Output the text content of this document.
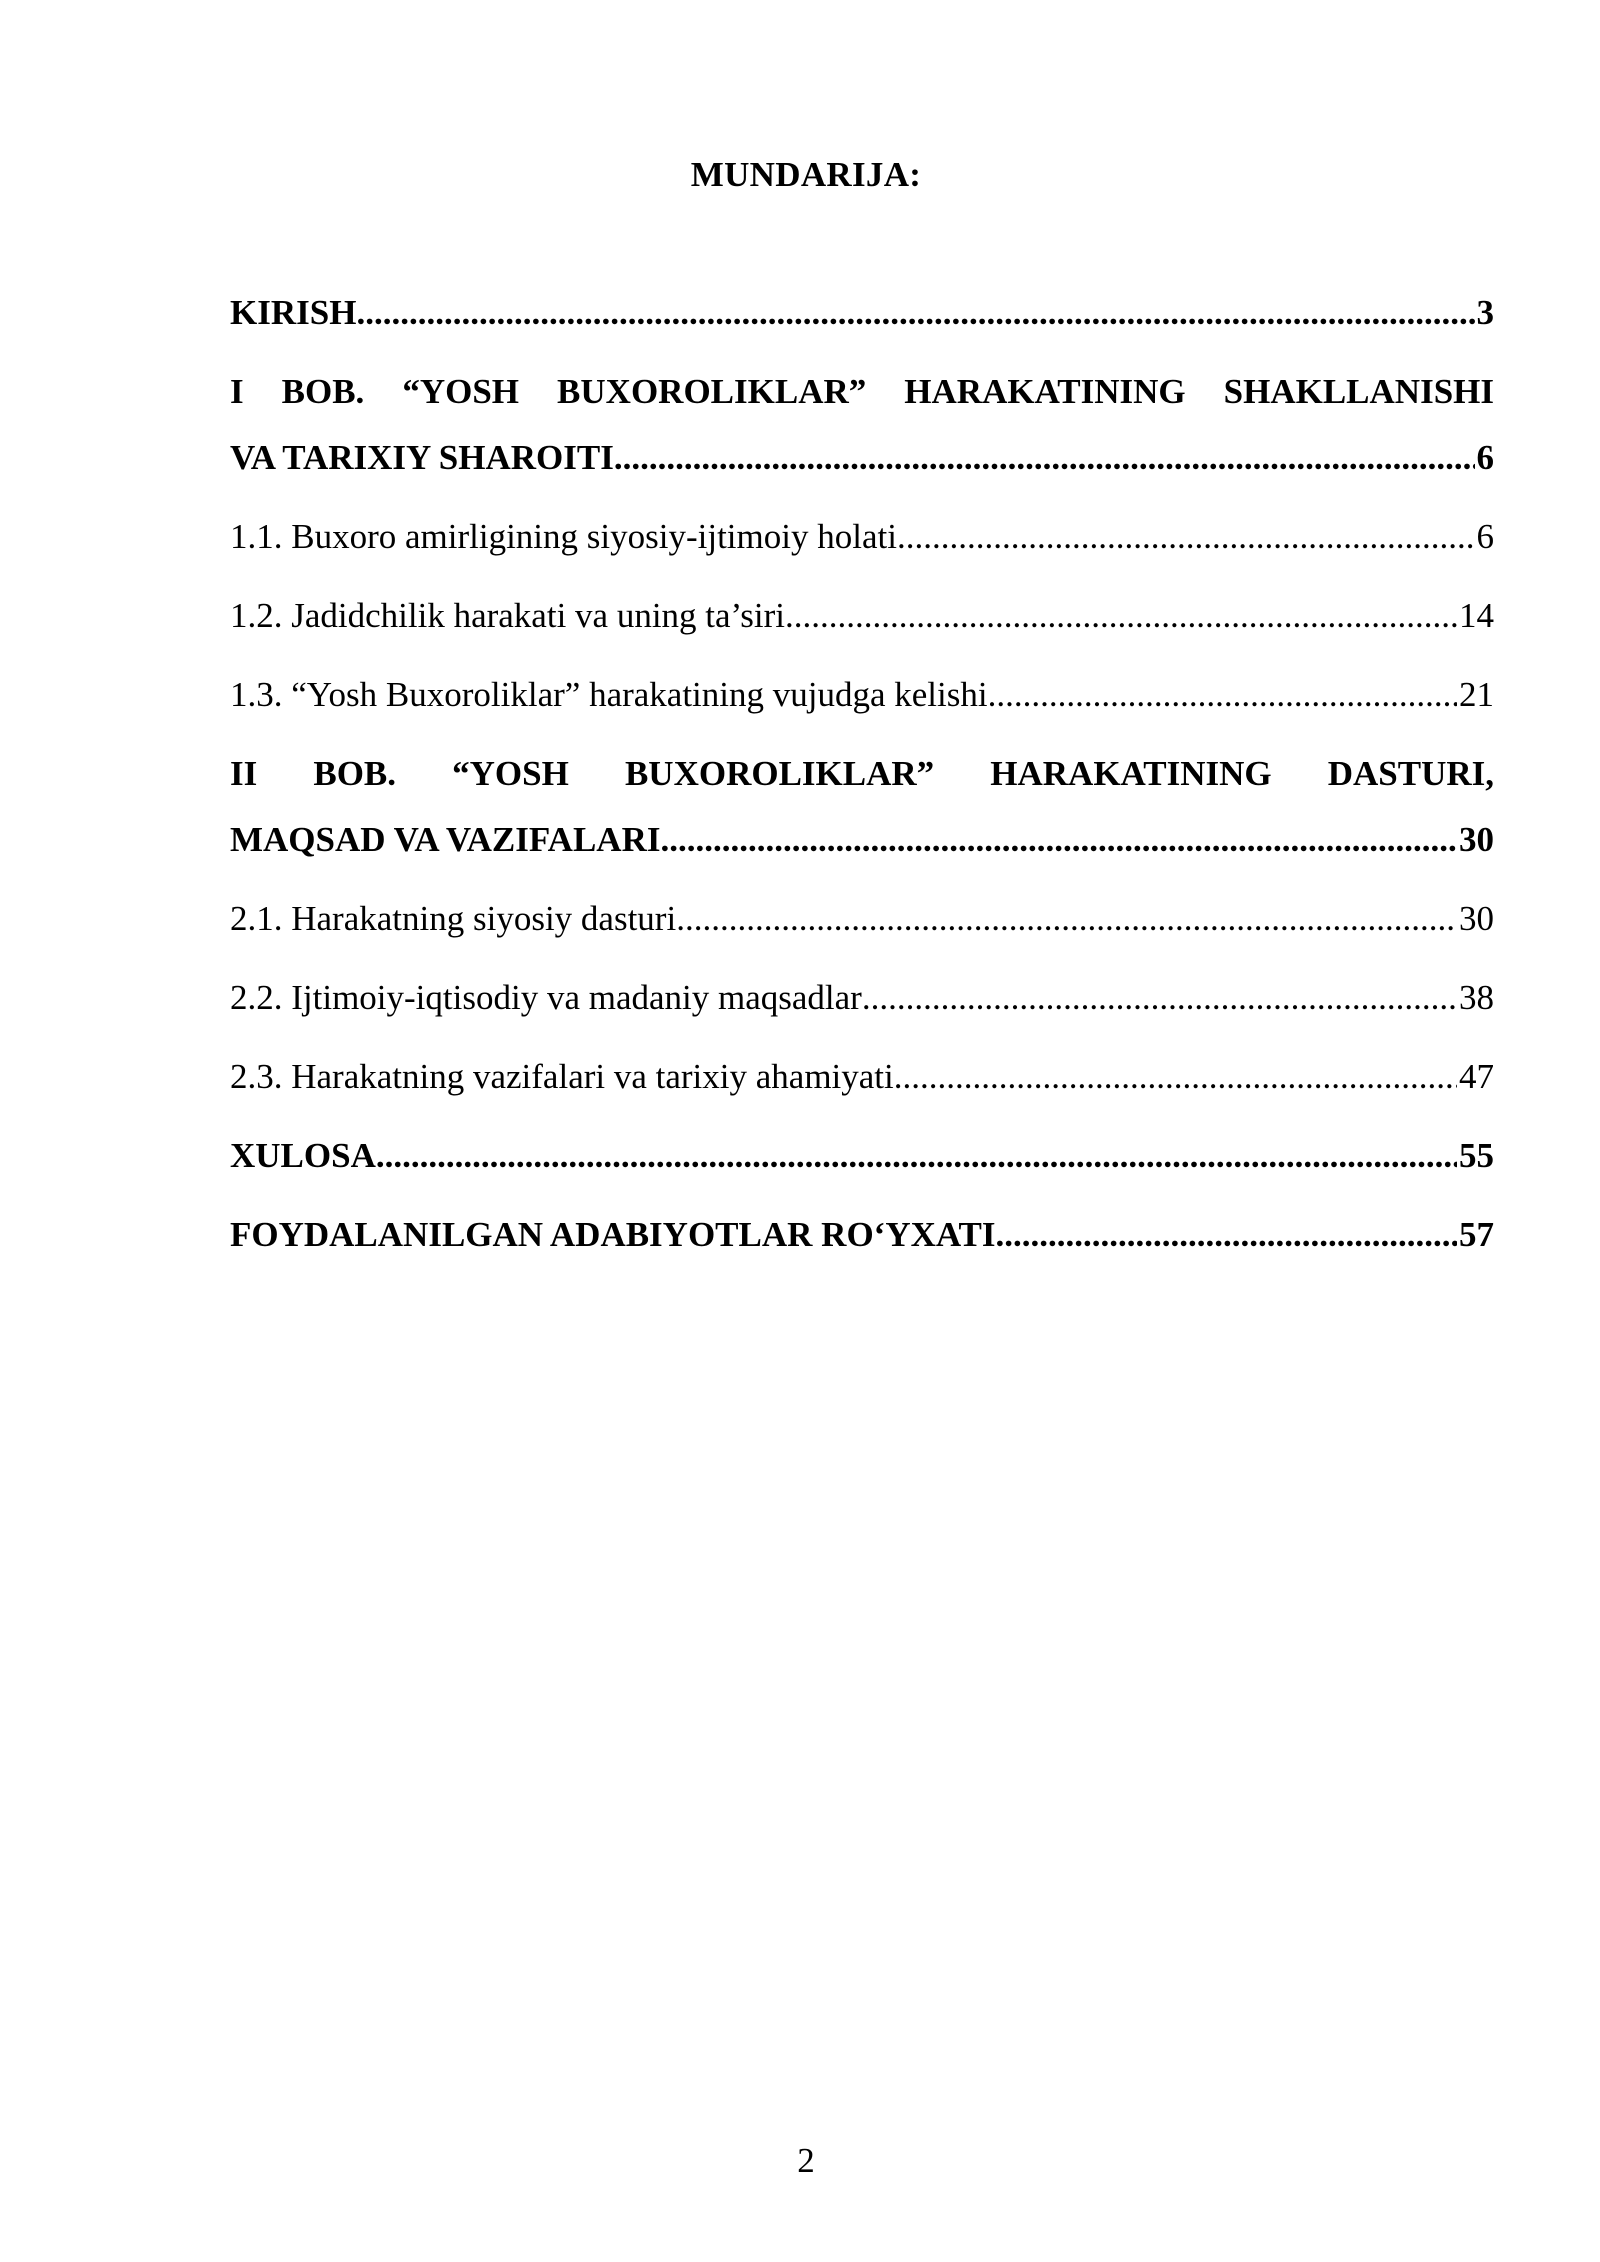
MUNDARIJA:
KIRISH .....	3
I BOB. “YOSH BUXOROLIKLAR” HARAKATINING SHAKLLANISHI
VA TARIXIY SHAROITI .....	6
1.1. Buxoro amirligining siyosiy-ijtimoiy holati .....	6
1.2. Jadidchilik harakati va uning ta’siri .....	14
1.3. “Yosh Buxoroliklar” harakatining vujudga kelishi .....	21
II BOB. “YOSH BUXOROLIKLAR” HARAKATINING DASTURI,
MAQSAD VA VAZIFALARI .....	30
2.1. Harakatning siyosiy dasturi .....	30
2.2. Ijtimoiy-iqtisodiy va madaniy maqsadlar .....	38
2.3. Harakatning vazifalari va tarixiy ahamiyati .....	47
XULOSA .....	55
FOYDALANILGAN ADABIYOTLAR RO‘YXATI .....	57
2
